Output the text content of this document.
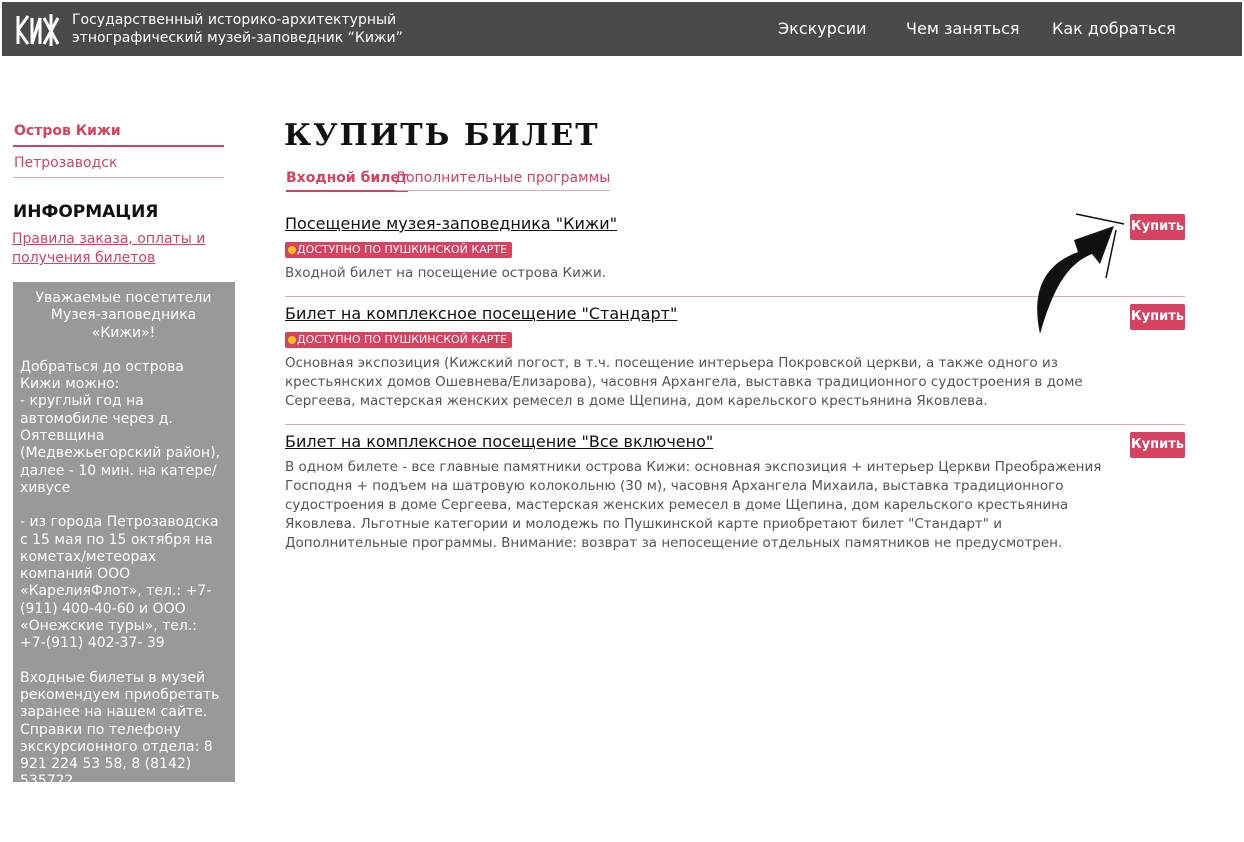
Государственный историко-архитектурный
этнографический музей-заповедник “Кижи”	Экскурсии Чем заняться Как добраться
Остров Кижи
Петрозаводск
ИНФОРМАЦИЯ
Правила заказа, оплаты и получения билетов

Уважаемые посетители Музея-заповедника «Кижи»!

Добраться до острова Кижи можно:
- круглый год на автомобиле через д. Оятевщина (Медвежьегорский район), далее - 10 мин. на катере/хивусе

- из города Петрозаводска с 15 мая по 15 октября на кометах/метеорах компаний ООО «КарелияФлот», тел.: +7-(911) 400-40-60 и ООО «Онежские туры», тел.: +7-(911) 402-37- 39

Входные билеты в музей рекомендуем приобретать заранее на нашем сайте. Справки по телефону экскурсионного отдела: 8 921 224 53 58, 8 (8142) 535722

До встречи на острове Кижи!

КУПИТЬ БИЛЕТ
Входной билет
Дополнительные программы
Посещение музея-заповедника "Кижи"
ДОСТУПНО ПО ПУШКИНСКОЙ КАРТЕ
Входной билет на посещение острова Кижи.
Купить
Билет на комплексное посещение "Стандарт"
ДОСТУПНО ПО ПУШКИНСКОЙ КАРТЕ
Основная экспозиция (Кижский погост, в т.ч. посещение интерьера Покровской церкви, а также одного из крестьянских домов Ошевнева/Елизарова), часовня Архангела, выставка традиционного судостроения в доме Сергеева, мастерская женских ремесел в доме Щепина, дом карельского крестьянина Яковлева.
Купить
Билет на комплексное посещение "Все включено"
В одном билете - все главные памятники острова Кижи: основная экспозиция + интерьер Церкви Преображения Господня + подъем на шатровую колокольню (30 м), часовня Архангела Михаила, выставка традиционного судостроения в доме Сергеева, мастерская женских ремесел в доме Щепина, дом карельского крестьянина Яковлева. Льготные категории и молодежь по Пушкинской карте приобретают билет "Стандарт" и Дополнительные программы. Внимание: возврат за непосещение отдельных памятников не предусмотрен.
Купить
